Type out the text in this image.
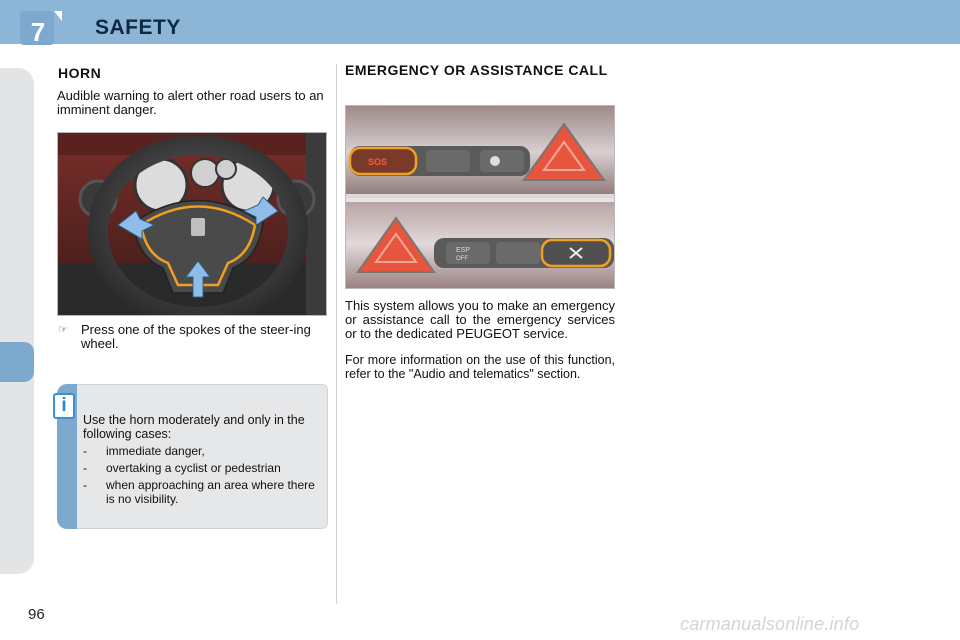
7	SAFETY
HORN
Audible warning to alert other road users to an imminent danger.
☞ Press one of the spokes of the steer-ing wheel.
i
Use the horn moderately and only in the following cases:
- immediate danger,
- overtaking a cyclist or pedestrian
- when approaching an area where there is no visibility.
EMERGENCY OR ASSISTANCE CALL
SOS
ESP
OFF
This system allows you to make an emergency or assistance call to the emergency services or to the dedicated PEUGEOT service.
For more information on the use of this function, refer to the "Audio and telematics" section.
96	carmanualsonline.info
